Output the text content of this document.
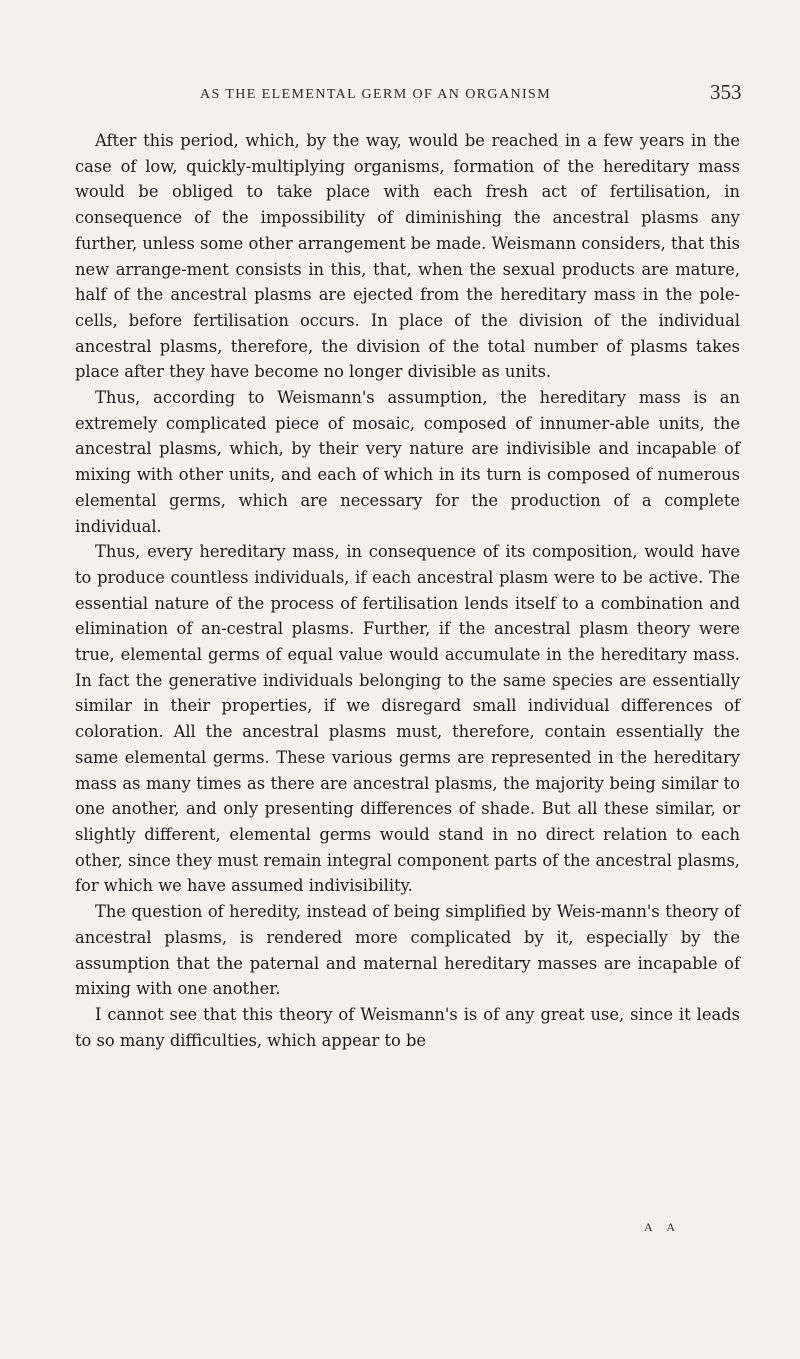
AS THE ELEMENTAL GERM OF AN ORGANISM	353

After this period, which, by the way, would be reached in a few years in the case of low, quickly-multiplying organisms, formation of the hereditary mass would be obliged to take place with each fresh act of fertilisation, in consequence of the impossibility of diminishing the ancestral plasms any further, unless some other arrangement be made. Weismann considers, that this new arrange-ment consists in this, that, when the sexual products are mature, half of the ancestral plasms are ejected from the hereditary mass in the pole-cells, before fertilisation occurs. In place of the division of the individual ancestral plasms, therefore, the division of the total number of plasms takes place after they have become no longer divisible as units.

Thus, according to Weismann's assumption, the hereditary mass is an extremely complicated piece of mosaic, composed of innumer-able units, the ancestral plasms, which, by their very nature are indivisible and incapable of mixing with other units, and each of which in its turn is composed of numerous elemental germs, which are necessary for the production of a complete individual.

Thus, every hereditary mass, in consequence of its composition, would have to produce countless individuals, if each ancestral plasm were to be active. The essential nature of the process of fertilisation lends itself to a combination and elimination of an-cestral plasms. Further, if the ancestral plasm theory were true, elemental germs of equal value would accumulate in the hereditary mass. In fact the generative individuals belonging to the same species are essentially similar in their properties, if we disregard small individual differences of coloration. All the ancestral plasms must, therefore, contain essentially the same elemental germs. These various germs are represented in the hereditary mass as many times as there are ancestral plasms, the majority being similar to one another, and only presenting differences of shade. But all these similar, or slightly different, elemental germs would stand in no direct relation to each other, since they must remain integral component parts of the ancestral plasms, for which we have assumed indivisibility.

The question of heredity, instead of being simplified by Weis-mann's theory of ancestral plasms, is rendered more complicated by it, especially by the assumption that the paternal and maternal hereditary masses are incapable of mixing with one another.

I cannot see that this theory of Weismann's is of any great use, since it leads to so many difficulties, which appear to be

A A
